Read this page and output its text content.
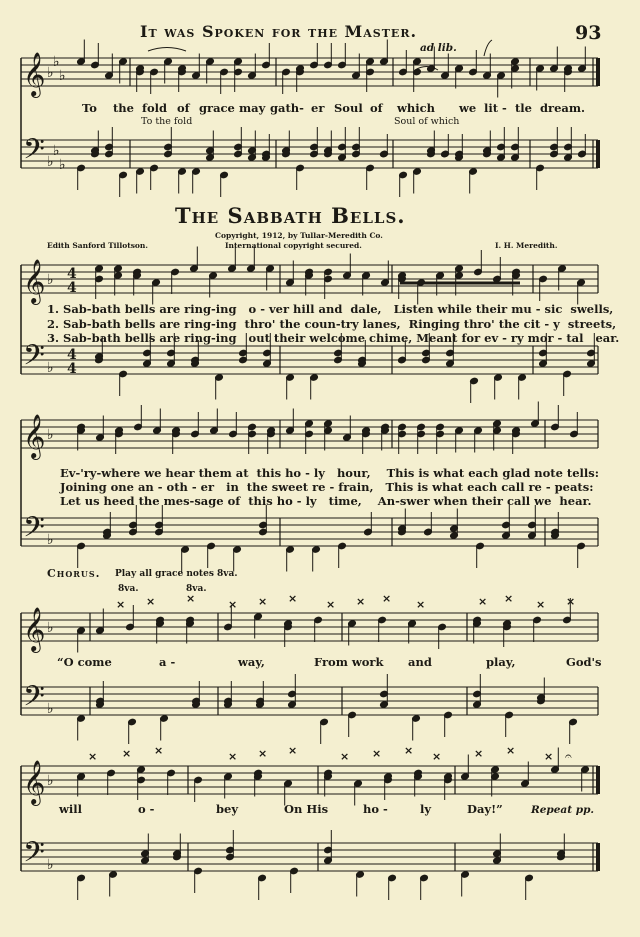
It was Spoken for the Master.	93
ad lib.
To the fold of grace may gath- er Soul of which we lit - tle dream.
To the fold	Soul of which
The Sabbath Bells.
Copyright, 1912, by Tullar-Meredith Co.
Edith Sanford Tillotson.	International copyright secured.	I. H. Meredith.
1. Sab-bath bells are ring-ing   o - ver hill and  dale,   Listen while their mu - sic  swells,
2. Sab-bath bells are ring-ing  thro' the coun-try lanes,  Ringing thro' the cit - y  streets,
3. Sab-bath bells are ring-ing   out their welcome chime, Meant for ev - ry mor - tal   ear.
Ev-'ry-where we hear them at  this ho - ly   hour,    This is what each glad note tells:
Joining one an - oth - er   in  the sweet re - frain,   This is what each call re - peats:
Let us heed the mes-sage of  this ho - ly   time,    An-swer when their call we  hear.
Chorus. Play all grace notes 8va.
8va.	8va.
“O come	a -	way,	From work and	play,	God's
will	o -	bey	On His	ho -	ly	Day!”	Repeat pp.
𝄞
𝄢
♭
♭
♭
♭
♭
♭
𝄞
𝄢
♭
♭
4
4
4
4
𝄞
𝄢
♭
♭
𝄞
𝄢
♭
♭
× ×	×	× × ×	× × × ×	× × × ×
𝄞
𝄢
♭
♭
× × ×	× × ×	× × × ×	× ×	× 𝄐
